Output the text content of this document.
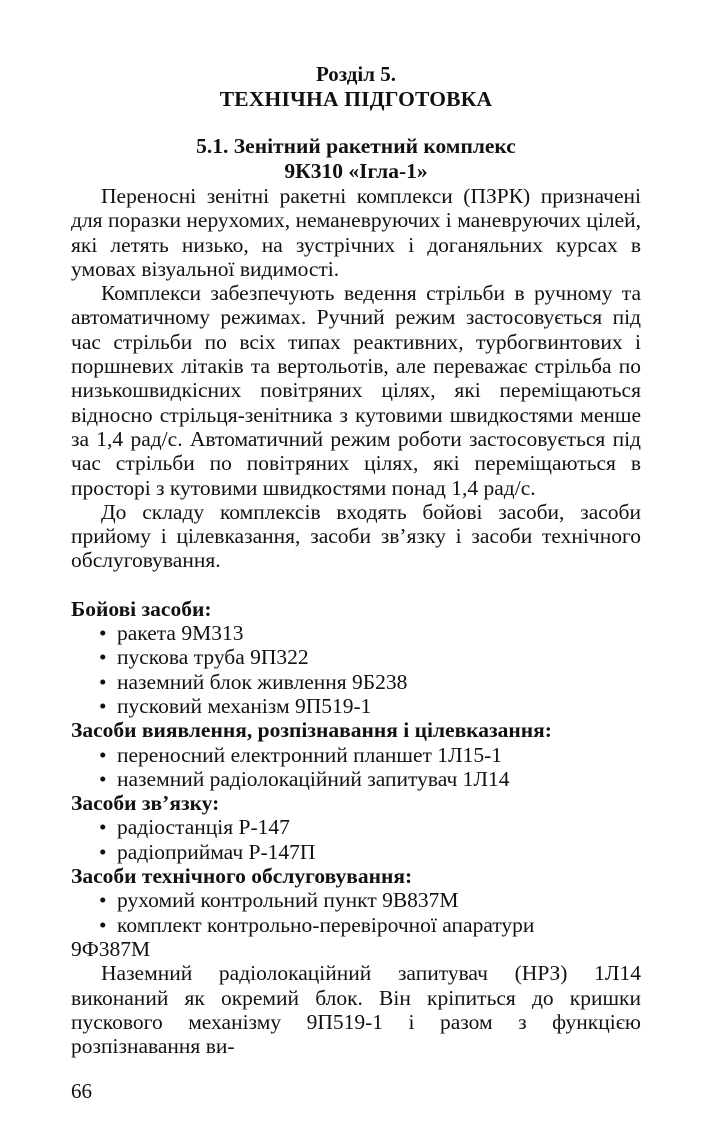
Розділ 5.
ТЕХНІЧНА ПІДГОТОВКА
5.1. Зенітний ракетний комплекс
9К310 «Ігла-1»

Переносні зенітні ракетні комплекси (ПЗРК) призначені для поразки нерухомих, неманевруючих і маневруючих цілей, які летять низько, на зустрічних і доганяльних курсах в умовах візуальної видимості.

Комплекси забезпечують ведення стрільби в ручному та автоматичному режимах. Ручний режим застосовується під час стрільби по всіх типах реактивних, турбогвинтових і поршневих літаків та вертольотів, але переважає стрільба по низькошвидкісних повітряних цілях, які переміщаються відносно стрільця-зенітника з кутовими швидкостями менше за 1,4 рад/с. Автоматичний режим роботи застосовується під час стрільби по повітряних цілях, які переміщаються в просторі з кутовими швидкостями понад 1,4 рад/с.

До складу комплексів входять бойові засоби, засоби прийому і цілевказання, засоби зв’язку і засоби технічного обслуговування.

Бойові засоби:
• ракета 9М313
• пускова труба 9П322
• наземний блок живлення 9Б238
• пусковий механізм 9П519-1
Засоби виявлення, розпізнавання і цілевказання:
• переносний електронний планшет 1Л15-1
• наземний радіолокаційний запитувач 1Л14
Засоби зв’язку:
• радіостанція Р-147
• радіоприймач Р-147П
Засоби технічного обслуговування:
• рухомий контрольний пункт 9В837М
• комплект контрольно-перевірочної апаратури
9Ф387М

Наземний радіолокаційний запитувач (НРЗ) 1Л14 виконаний як окремий блок. Він кріпиться до кришки пускового механізму 9П519-1 і разом з функцією розпізнавання ви-

66
